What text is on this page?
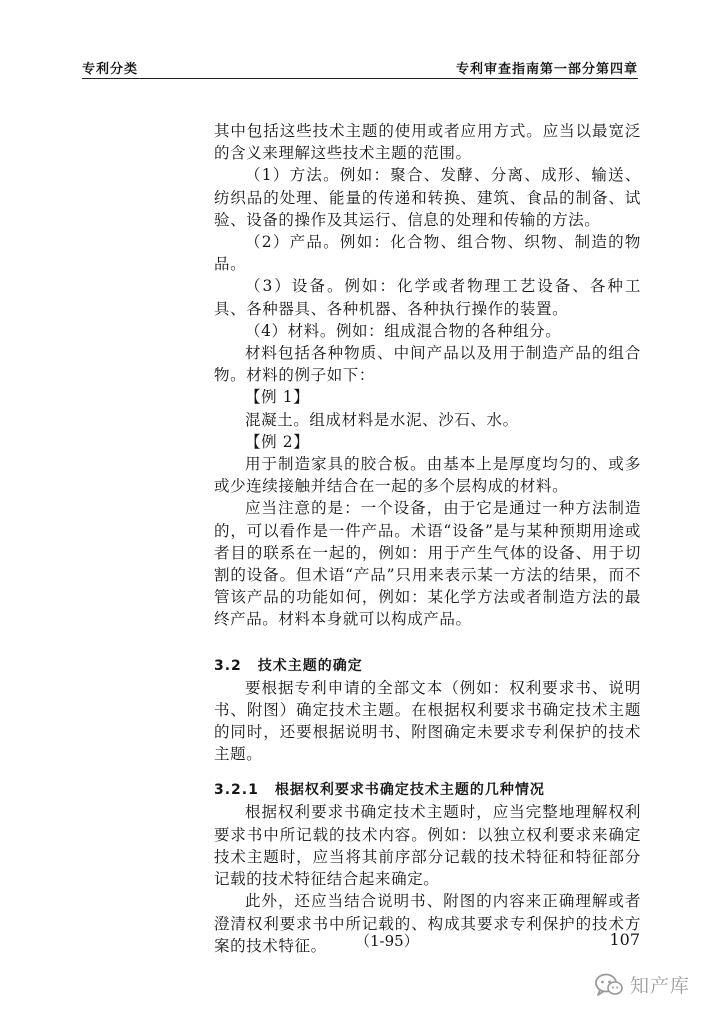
专利分类	专利审查指南第一部分第四章

其中包括这些技术主题的使用或者应用方式。应当以最宽泛的含义来理解这些技术主题的范围。

（1）方法。例如：聚合、发酵、分离、成形、输送、纺织品的处理、能量的传递和转换、建筑、食品的制备、试验、设备的操作及其运行、信息的处理和传输的方法。

（2）产品。例如：化合物、组合物、织物、制造的物品。

（3）设备。例如：化学或者物理工艺设备、各种工具、各种器具、各种机器、各种执行操作的装置。

（4）材料。例如：组成混合物的各种组分。

材料包括各种物质、中间产品以及用于制造产品的组合物。材料的例子如下：

【例 1】

混凝土。组成材料是水泥、沙石、水。

【例 2】

用于制造家具的胶合板。由基本上是厚度均匀的、或多或少连续接触并结合在一起的多个层构成的材料。

应当注意的是：一个设备，由于它是通过一种方法制造的，可以看作是一件产品。术语“设备”是与某种预期用途或者目的联系在一起的，例如：用于产生气体的设备、用于切割的设备。但术语“产品”只用来表示某一方法的结果，而不管该产品的功能如何，例如：某化学方法或者制造方法的最终产品。材料本身就可以构成产品。

3.2 技术主题的确定

要根据专利申请的全部文本（例如：权利要求书、说明书、附图）确定技术主题。在根据权利要求书确定技术主题的同时，还要根据说明书、附图确定未要求专利保护的技术主题。

3.2.1 根据权利要求书确定技术主题的几种情况

根据权利要求书确定技术主题时，应当完整地理解权利要求书中所记载的技术内容。例如：以独立权利要求来确定技术主题时，应当将其前序部分记载的技术特征和特征部分记载的技术特征结合起来确定。

此外，还应当结合说明书、附图的内容来正确理解或者澄清权利要求书中所记载的、构成其要求专利保护的技术方案的技术特征。	（1-95）	107
知产库
